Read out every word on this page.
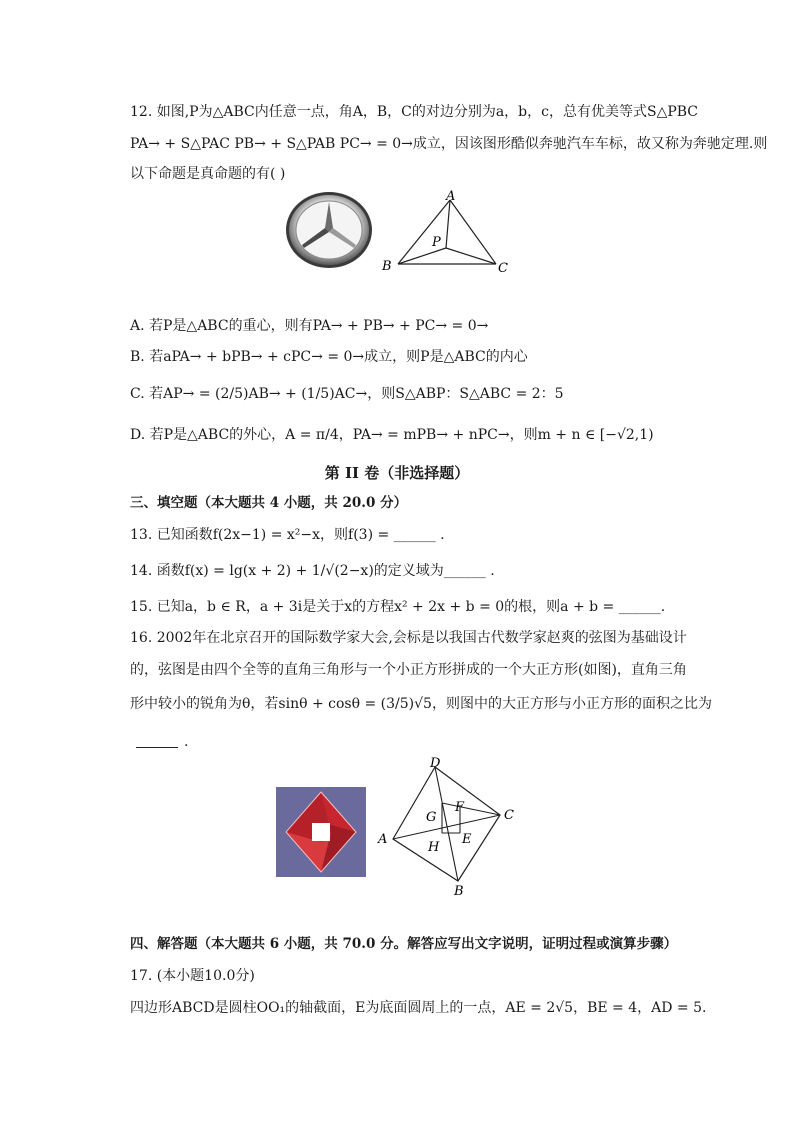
12. 如图,P为△ABC内任意一点，角A，B，C的对边分别为a，b，c，总有优美等式S△PBC
PA→ + S△PAC PB→ + S△PAB PC→ = 0→成立，因该图形酷似奔驰汽车车标，故又称为奔驰定理.则
以下命题是真命题的有( )
A
B	C
P
A. 若P是△ABC的重心，则有PA→ + PB→ + PC→ = 0→
B. 若aPA→ + bPB→ + cPC→ = 0→成立，则P是△ABC的内心
C. 若AP→ = (2/5)AB→ + (1/5)AC→，则S△ABP：S△ABC = 2：5
D. 若P是△ABC的外心，A = π/4，PA→ = mPB→ + nPC→，则m + n ∈ [−√2,1)
第 II 卷（非选择题）
三、填空题（本大题共 4 小题，共 20.0 分）
13. 已知函数f(2x−1) = x²−x，则f(3) = ______ .
14. 函数f(x) = lg(x + 2) + 1/√(2−x)的定义域为______ .
15. 已知a，b ∈ R，a + 3i是关于x的方程x² + 2x + b = 0的根，则a + b = ______.
16. 2002年在北京召开的国际数学家大会,会标是以我国古代数学家赵爽的弦图为基础设计
的，弦图是由四个全等的直角三角形与一个小正方形拼成的一个大正方形(如图)，直角三角
形中较小的锐角为θ，若sinθ + cosθ = (3/5)√5，则图中的大正方形与小正方形的面积之比为
.
D
C
B
A
F
G
H
E
四、解答题（本大题共 6 小题，共 70.0 分。解答应写出文字说明，证明过程或演算步骤）
17. (本小题10.0分)
四边形ABCD是圆柱OO₁的轴截面，E为底面圆周上的一点，AE = 2√5，BE = 4，AD = 5.
